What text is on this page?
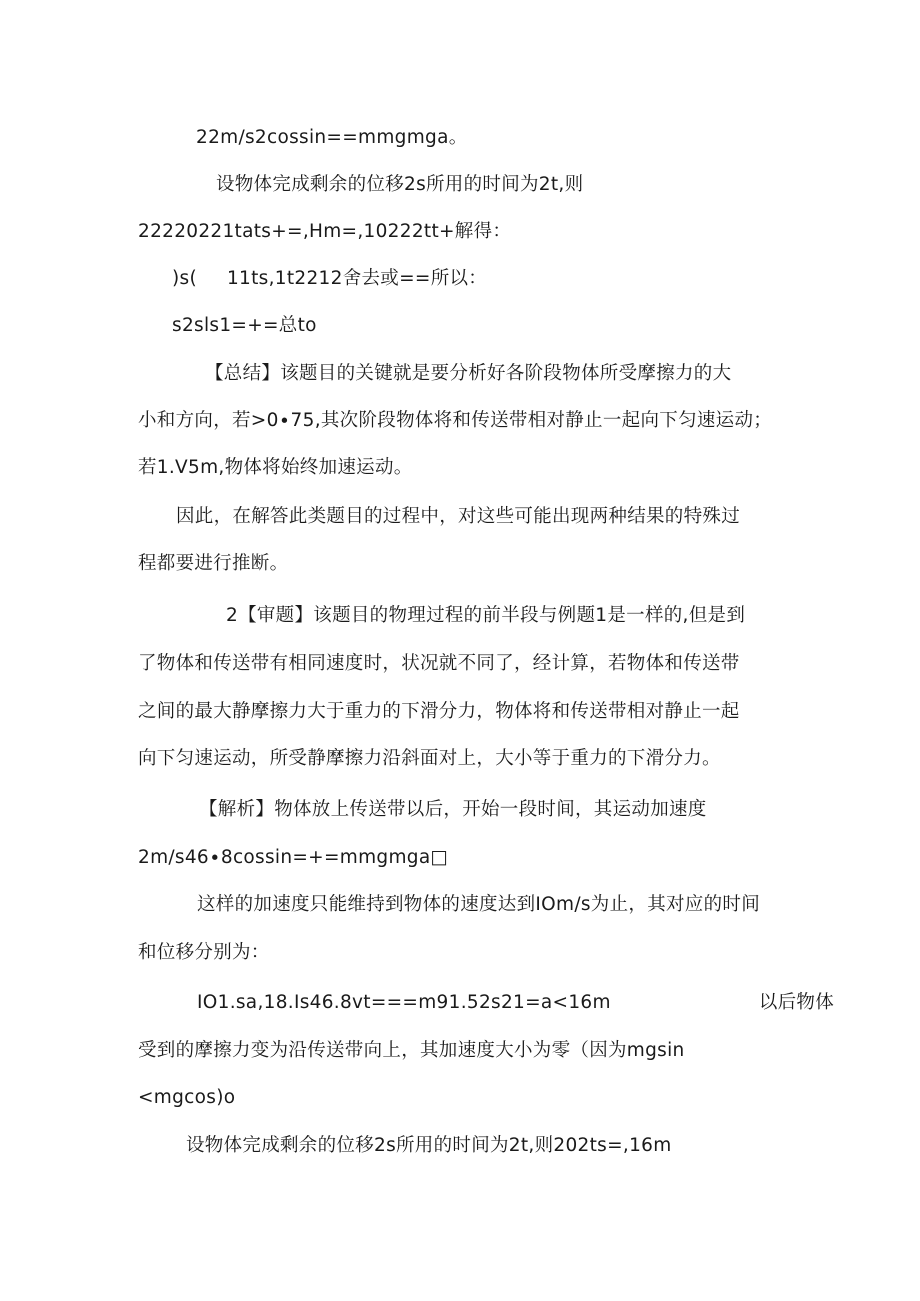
22m∕s2cossin==mmgmga。
设物体完成剩余的位移2s所用的时间为2t,则
22220221tats+=,Hm=,10222tt+解得：
)s( 11ts,1t2212舍去或==所以：
s2sls1=+=总to
【总结】该题目的关键就是要分析好各阶段物体所受摩擦力的大
小和方向，若>0∙75,其次阶段物体将和传送带相对静止一起向下匀速运动；
若1.V5m,物体将始终加速运动。
因此，在解答此类题目的过程中，对这些可能出现两种结果的特殊过
程都要进行推断。
2【审题】该题目的物理过程的前半段与例题1是一样的,但是到
了物体和传送带有相同速度时，状况就不同了，经计算，若物体和传送带
之间的最大静摩擦力大于重力的下滑分力，物体将和传送带相对静止一起
向下匀速运动，所受静摩擦力沿斜面对上，大小等于重力的下滑分力。
【解析】物体放上传送带以后，开始一段时间，其运动加速度
2m∕s46∙8cossin=+=mmgmga□
这样的加速度只能维持到物体的速度达到IOm/s为止，其对应的时间
和位移分别为：
IO1.sa,18.Is46.8vt===m91.52s21=a<16m	以后物体
受到的摩擦力变为沿传送带向上，其加速度大小为零（因为mgsin
<mgcos)o
设物体完成剩余的位移2s所用的时间为2t,则202ts=,16m
